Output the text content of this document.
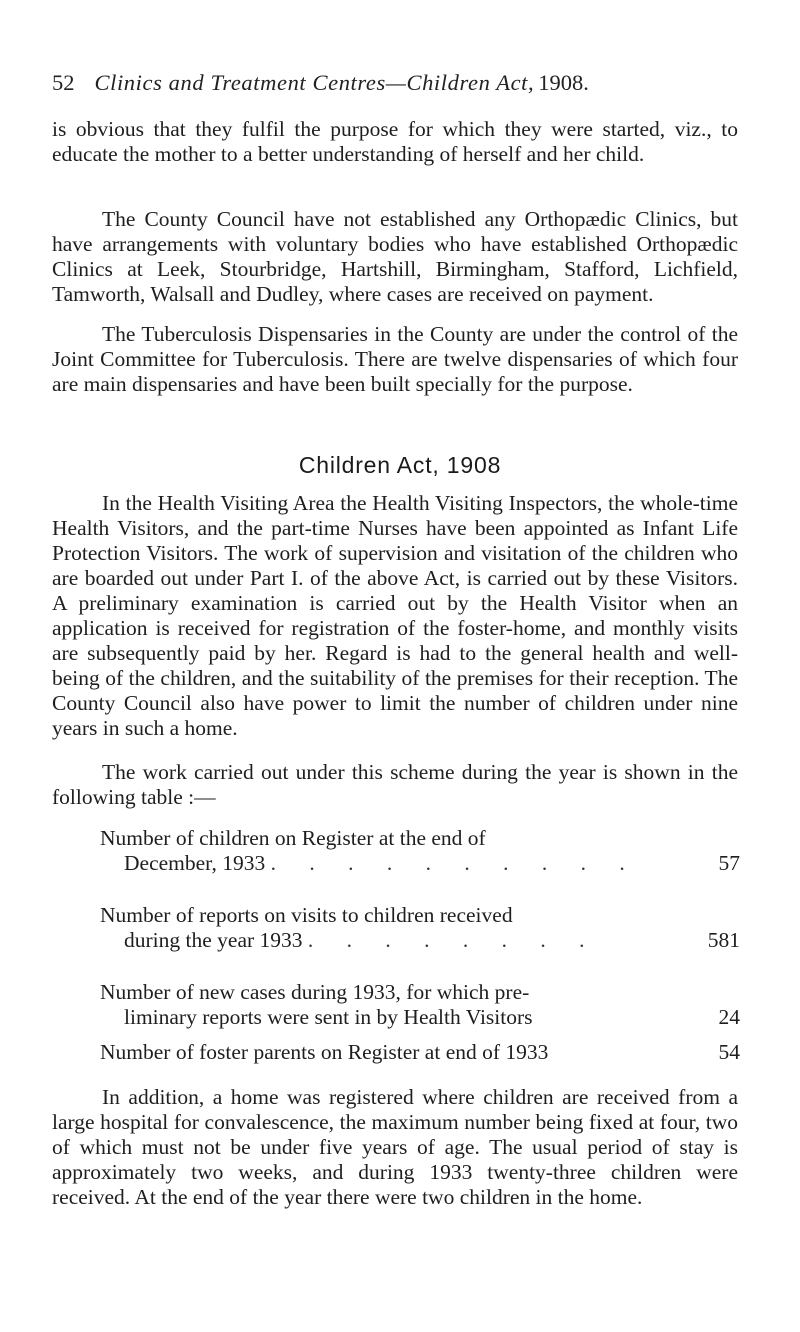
52 Clinics and Treatment Centres—Children Act, 1908.

is obvious that they fulfil the purpose for which they were started, viz., to educate the mother to a better understanding of herself and her child.

The County Council have not established any Orthopædic Clinics, but have arrangements with voluntary bodies who have established Orthopædic Clinics at Leek, Stourbridge, Hartshill, Birmingham, Stafford, Lichfield, Tamworth, Walsall and Dudley, where cases are received on payment.

The Tuberculosis Dispensaries in the County are under the control of the Joint Committee for Tuberculosis. There are twelve dispensaries of which four are main dispensaries and have been built specially for the purpose.

Children Act, 1908

In the Health Visiting Area the Health Visiting Inspectors, the whole-time Health Visitors, and the part-time Nurses have been appointed as Infant Life Protection Visitors. The work of supervision and visitation of the children who are boarded out under Part I. of the above Act, is carried out by these Visitors. A preliminary examination is carried out by the Health Visitor when an application is received for registration of the foster-home, and monthly visits are subsequently paid by her. Regard is had to the general health and well-being of the children, and the suitability of the premises for their reception. The County Council also have power to limit the number of children under nine years in such a home.

The work carried out under this scheme during the year is shown in the following table :—

Number of children on Register at the end of
December, 1933 . . . . . . . . . .	57
Number of reports on visits to children received
during the year 1933 . . . . . . . .	581
Number of new cases during 1933, for which pre-
liminary reports were sent in by Health Visitors	24
Number of foster parents on Register at end of 1933	54

In addition, a home was registered where children are received from a large hospital for convalescence, the maximum number being fixed at four, two of which must not be under five years of age. The usual period of stay is approximately two weeks, and during 1933 twenty-three children were received. At the end of the year there were two children in the home.
